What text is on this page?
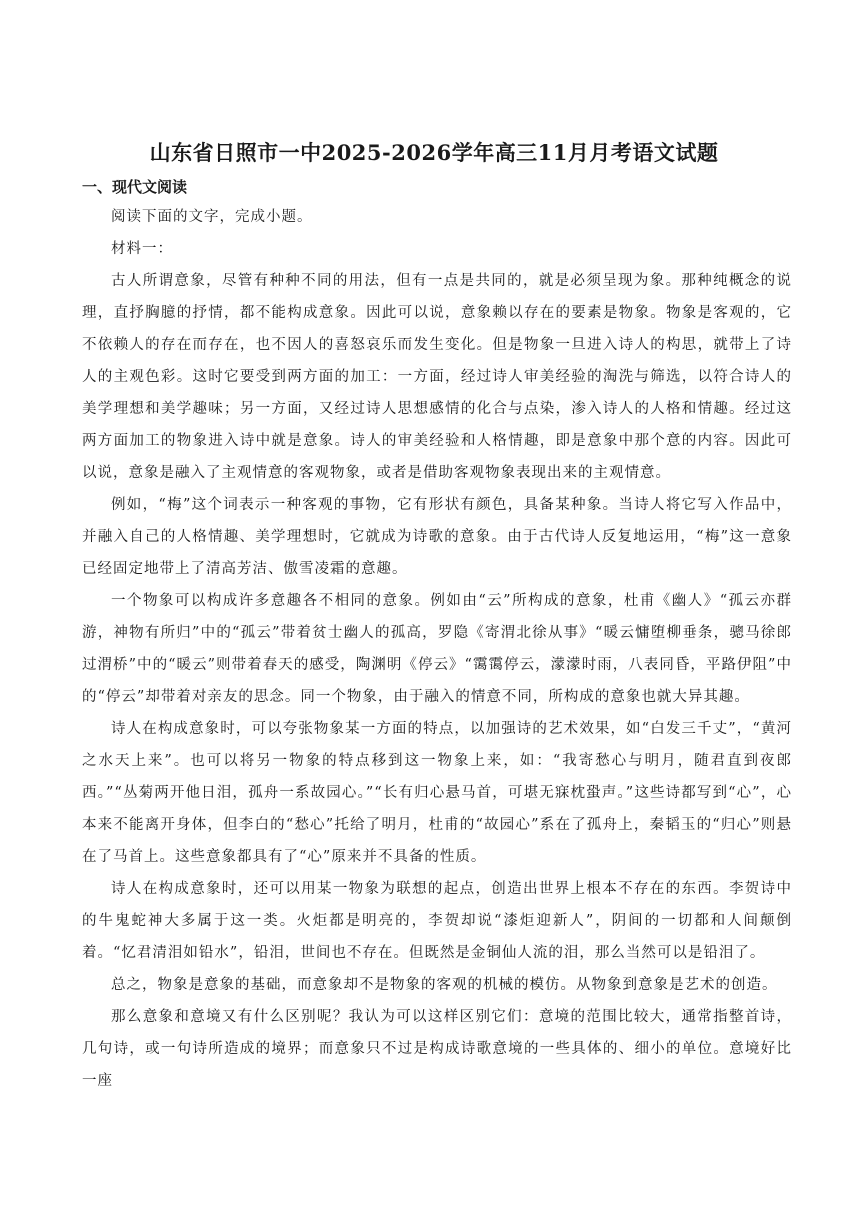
山东省日照市一中2025-2026学年高三11月月考语文试题
一、现代文阅读

阅读下面的文字，完成小题。

材料一：

古人所谓意象，尽管有种种不同的用法，但有一点是共同的，就是必须呈现为象。那种纯概念的说理，直抒胸臆的抒情，都不能构成意象。因此可以说，意象赖以存在的要素是物象。物象是客观的，它不依赖人的存在而存在，也不因人的喜怒哀乐而发生变化。但是物象一旦进入诗人的构思，就带上了诗人的主观色彩。这时它要受到两方面的加工：一方面，经过诗人审美经验的淘洗与筛选，以符合诗人的美学理想和美学趣味；另一方面，又经过诗人思想感情的化合与点染，渗入诗人的人格和情趣。经过这两方面加工的物象进入诗中就是意象。诗人的审美经验和人格情趣，即是意象中那个意的内容。因此可以说，意象是融入了主观情意的客观物象，或者是借助客观物象表现出来的主观情意。

例如，“梅”这个词表示一种客观的事物，它有形状有颜色，具备某种象。当诗人将它写入作品中，并融入自己的人格情趣、美学理想时，它就成为诗歌的意象。由于古代诗人反复地运用，“梅”这一意象已经固定地带上了清高芳洁、傲雪凌霜的意趣。

一个物象可以构成许多意趣各不相同的意象。例如由“云”所构成的意象，杜甫《幽人》“孤云亦群游，神物有所归”中的“孤云”带着贫士幽人的孤高，罗隐《寄渭北徐从事》“暖云慵堕柳垂条，骢马徐郎过渭桥”中的“暖云”则带着春天的感受，陶渊明《停云》“霭霭停云，濛濛时雨，八表同昏，平路伊阻”中的“停云”却带着对亲友的思念。同一个物象，由于融入的情意不同，所构成的意象也就大异其趣。

诗人在构成意象时，可以夸张物象某一方面的特点，以加强诗的艺术效果，如“白发三千丈”，“黄河之水天上来”。也可以将另一物象的特点移到这一物象上来，如：“我寄愁心与明月，随君直到夜郎西。”“丛菊两开他日泪，孤舟一系故园心。”“长有归心悬马首，可堪无寐枕蛩声。”这些诗都写到“心”，心本来不能离开身体，但李白的“愁心”托给了明月，杜甫的“故园心”系在了孤舟上，秦韬玉的“归心”则悬在了马首上。这些意象都具有了“心”原来并不具备的性质。

诗人在构成意象时，还可以用某一物象为联想的起点，创造出世界上根本不存在的东西。李贺诗中的牛鬼蛇神大多属于这一类。火炬都是明亮的，李贺却说“漆炬迎新人”，阴间的一切都和人间颠倒着。“忆君清泪如铅水”，铅泪，世间也不存在。但既然是金铜仙人流的泪，那么当然可以是铅泪了。

总之，物象是意象的基础，而意象却不是物象的客观的机械的模仿。从物象到意象是艺术的创造。

那么意象和意境又有什么区别呢？我认为可以这样区别它们：意境的范围比较大，通常指整首诗，几句诗，或一句诗所造成的境界；而意象只不过是构成诗歌意境的一些具体的、细小的单位。意境好比一座
